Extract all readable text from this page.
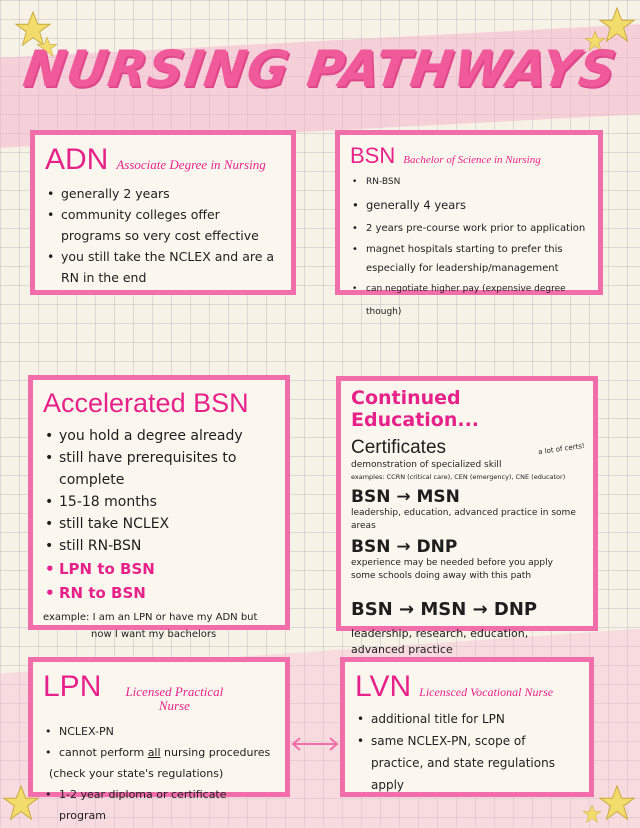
NURSING PATHWAYS
ADN Associate Degree in Nursing
• generally 2 years
• community colleges offer programs so very cost effective
• you still take the NCLEX and are a RN in the end
BSN Bachelor of Science in Nursing
• RN-BSN
• generally 4 years
• 2 years pre-course work prior to application
• magnet hospitals starting to prefer this especially for leadership/management
• can negotiate higher pay (expensive degree though)
Accelerated BSN
• you hold a degree already
• still have prerequisites to complete
• 15-18 months
• still take NCLEX
• still RN-BSN
• LPN to BSN
• RN to BSN
example: I am an LPN or have my ADN but
now I want my bachelors
Continued Education...
Certificates
demonstration of specialized skill
examples: CCRN (critical care), CEN (emergency), CNE (educator)
a lot of certs!
BSN → MSN
leadership, education, advanced practice in some areas
BSN → DNP
experience may be needed before you apply
some schools doing away with this path
BSN → MSN → DNP
leadership, research, education, advanced practice
LPN	Licensed Practical Nurse
• NCLEX-PN
• cannot perform all nursing procedures
(check your state's regulations)
• 1-2 year diploma or certificate program
LVN Licensced Vocational Nurse
• additional title for LPN
• same NCLEX-PN, scope of practice, and state regulations apply
